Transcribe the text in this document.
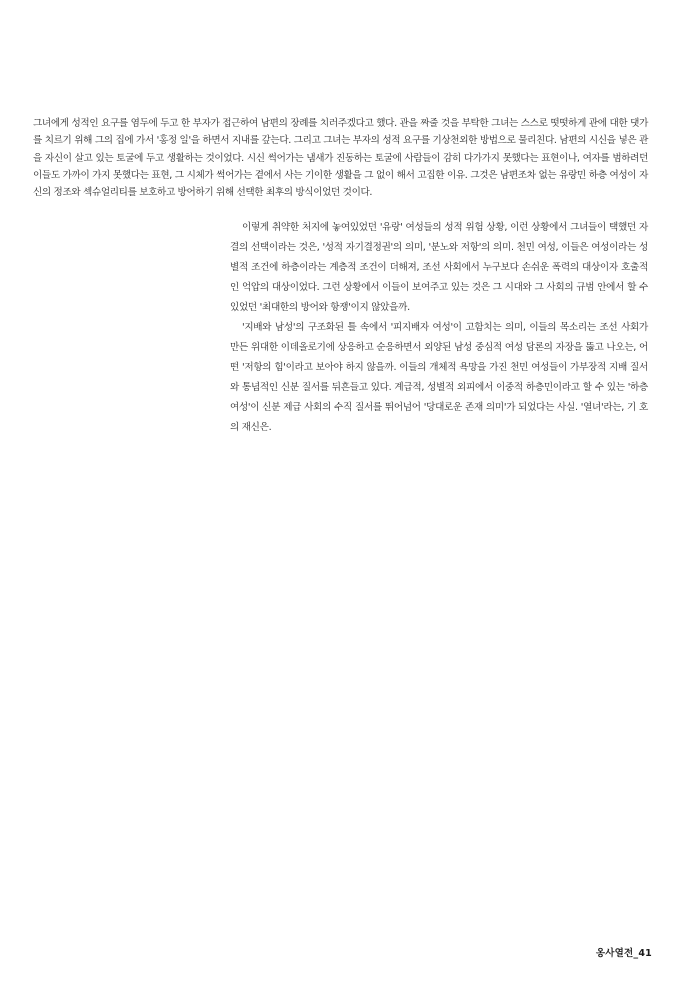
그녀에게 성적인 요구를 염두에 두고 한 부자가 접근하여 남편의 장례를 치러주겠다고 했다. 관을 짜줄 것을 부탁한 그녀는 스스로 떳떳하게 관에 대한 댓가를 치르기 위해 그의 집에 가서 '홍정 일'을 하면서 지내를 갚는다. 그리고 그녀는 부자의 성적 요구를 기상천외한 방법으로 물리친다. 남편의 시신을 넣은 관을 자신이 살고 있는 토굴에 두고 생활하는 것이었다. 시신 썩어가는 냄새가 진동하는 토굴에 사람들이 감히 다가가지 못했다는 표현이나, 여자를 범하려던 이들도 가까이 가지 못했다는 표현, 그 시체가 썩어가는 곁에서 사는 기이한 생활을 그 없이 해서 고집한 이유. 그것은 남편조차 없는 유랑민 하층 여성이 자신의 정조와 섹슈얼리티를 보호하고 방어하기 위해 선택한 최후의 방식이었던 것이다.

이렇게 취약한 처지에 놓여있었던 '유랑' 여성들의 성적 위험 상황, 이런 상황에서 그녀들이 택했던 자결의 선택이라는 것은, '성적 자기결정권'의 의미, '분노와 저항'의 의미. 천민 여성, 이들은 여성이라는 성별적 조건에 하층이라는 계층적 조건이 더해져, 조선 사회에서 누구보다 손쉬운 폭력의 대상이자 호출적인 억압의 대상이었다. 그런 상황에서 이들이 보여주고 있는 것은 그 시대와 그 사회의 규범 안에서 할 수 있었던 '최대한의 방어와 항쟁'이지 않았을까.

'지배와 남성'의 구조화된 틀 속에서 '피지배자 여성'이 고함치는 의미, 이들의 목소리는 조선 사회가 만든 위대한 이데올로기에 상응하고 순응하면서 외양된 남성 중심적 여성 담론의 자장을 뚫고 나오는, 어떤 '저항의 힘'이라고 보아야 하지 않을까. 이들의 개체적 욕망을 가진 천민 여성들이 가부장적 지배 질서와 통념적인 신분 질서를 뒤흔들고 있다. 계급적, 성별적 외피에서 이중적 하층민이라고 할 수 있는 '하층여성'이 신분 제급 사회의 수직 질서를 뛰어넘어 '당대로운 존재 의미'가 되었다는 사실. '열녀'라는, 기 호의 재신은.

옹사열전_41
